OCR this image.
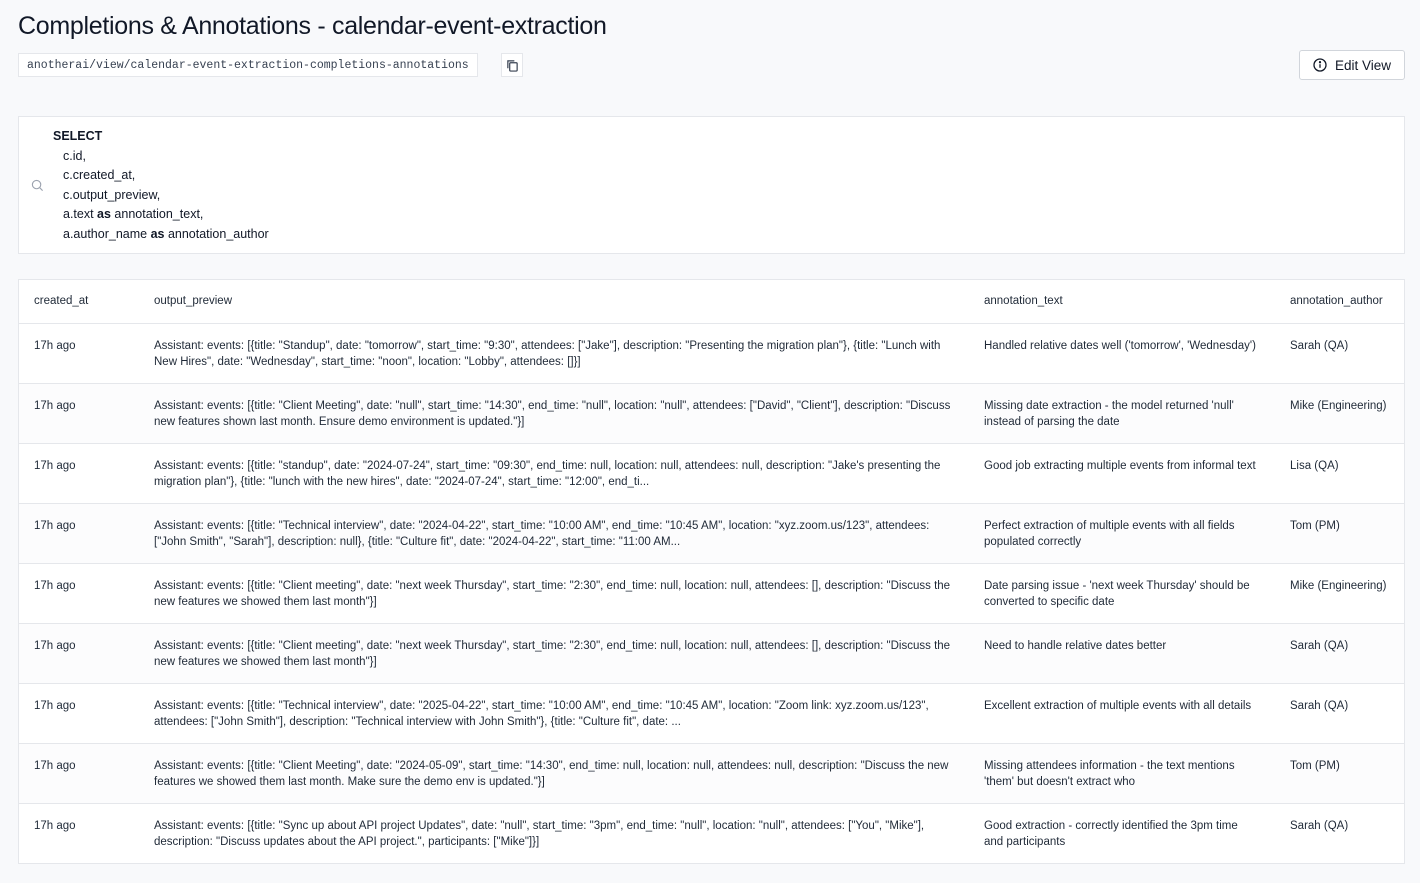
Completions & Annotations - calendar-event-extraction
anotherai/view/calendar-event-extraction-completions-annotations	Edit View
SELECT
c.id,
c.created_at,
c.output_preview,
a.text as annotation_text,
a.author_name as annotation_author
created_at	output_preview	annotation_text	annotation_author
17h ago	Assistant: events: [{title: "Standup", date: "tomorrow", start_time: "9:30", attendees: ["Jake"], description: "Presenting the migration plan"}, {title: "Lunch with New Hires", date: "Wednesday", start_time: "noon", location: "Lobby", attendees: []}]	Handled relative dates well ('tomorrow', 'Wednesday')	Sarah (QA)
17h ago	Assistant: events: [{title: "Client Meeting", date: "null", start_time: "14:30", end_time: "null", location: "null", attendees: ["David", "Client"], description: "Discuss new features shown last month. Ensure demo environment is updated."}]	Missing date extraction - the model returned 'null' instead of parsing the date	Mike (Engineering)
17h ago	Assistant: events: [{title: "standup", date: "2024-07-24", start_time: "09:30", end_time: null, location: null, attendees: null, description: "Jake's presenting the migration plan"}, {title: "lunch with the new hires", date: "2024-07-24", start_time: "12:00", end_ti...	Good job extracting multiple events from informal text	Lisa (QA)
17h ago	Assistant: events: [{title: "Technical interview", date: "2024-04-22", start_time: "10:00 AM", end_time: "10:45 AM", location: "xyz.zoom.us/123", attendees: ["John Smith", "Sarah"], description: null}, {title: "Culture fit", date: "2024-04-22", start_time: "11:00 AM...	Perfect extraction of multiple events with all fields populated correctly	Tom (PM)
17h ago	Assistant: events: [{title: "Client meeting", date: "next week Thursday", start_time: "2:30", end_time: null, location: null, attendees: [], description: "Discuss the new features we showed them last month"}]	Date parsing issue - 'next week Thursday' should be converted to specific date	Mike (Engineering)
17h ago	Assistant: events: [{title: "Client meeting", date: "next week Thursday", start_time: "2:30", end_time: null, location: null, attendees: [], description: "Discuss the new features we showed them last month"}]	Need to handle relative dates better	Sarah (QA)
17h ago	Assistant: events: [{title: "Technical interview", date: "2025-04-22", start_time: "10:00 AM", end_time: "10:45 AM", location: "Zoom link: xyz.zoom.us/123", attendees: ["John Smith"], description: "Technical interview with John Smith"}, {title: "Culture fit", date: ...	Excellent extraction of multiple events with all details	Sarah (QA)
17h ago	Assistant: events: [{title: "Client Meeting", date: "2024-05-09", start_time: "14:30", end_time: null, location: null, attendees: null, description: "Discuss the new features we showed them last month. Make sure the demo env is updated."}]	Missing attendees information - the text mentions 'them' but doesn't extract who	Tom (PM)
17h ago	Assistant: events: [{title: "Sync up about API project Updates", date: "null", start_time: "3pm", end_time: "null", location: "null", attendees: ["You", "Mike"], description: "Discuss updates about the API project.", participants: ["Mike"]}]	Good extraction - correctly identified the 3pm time and participants	Sarah (QA)
